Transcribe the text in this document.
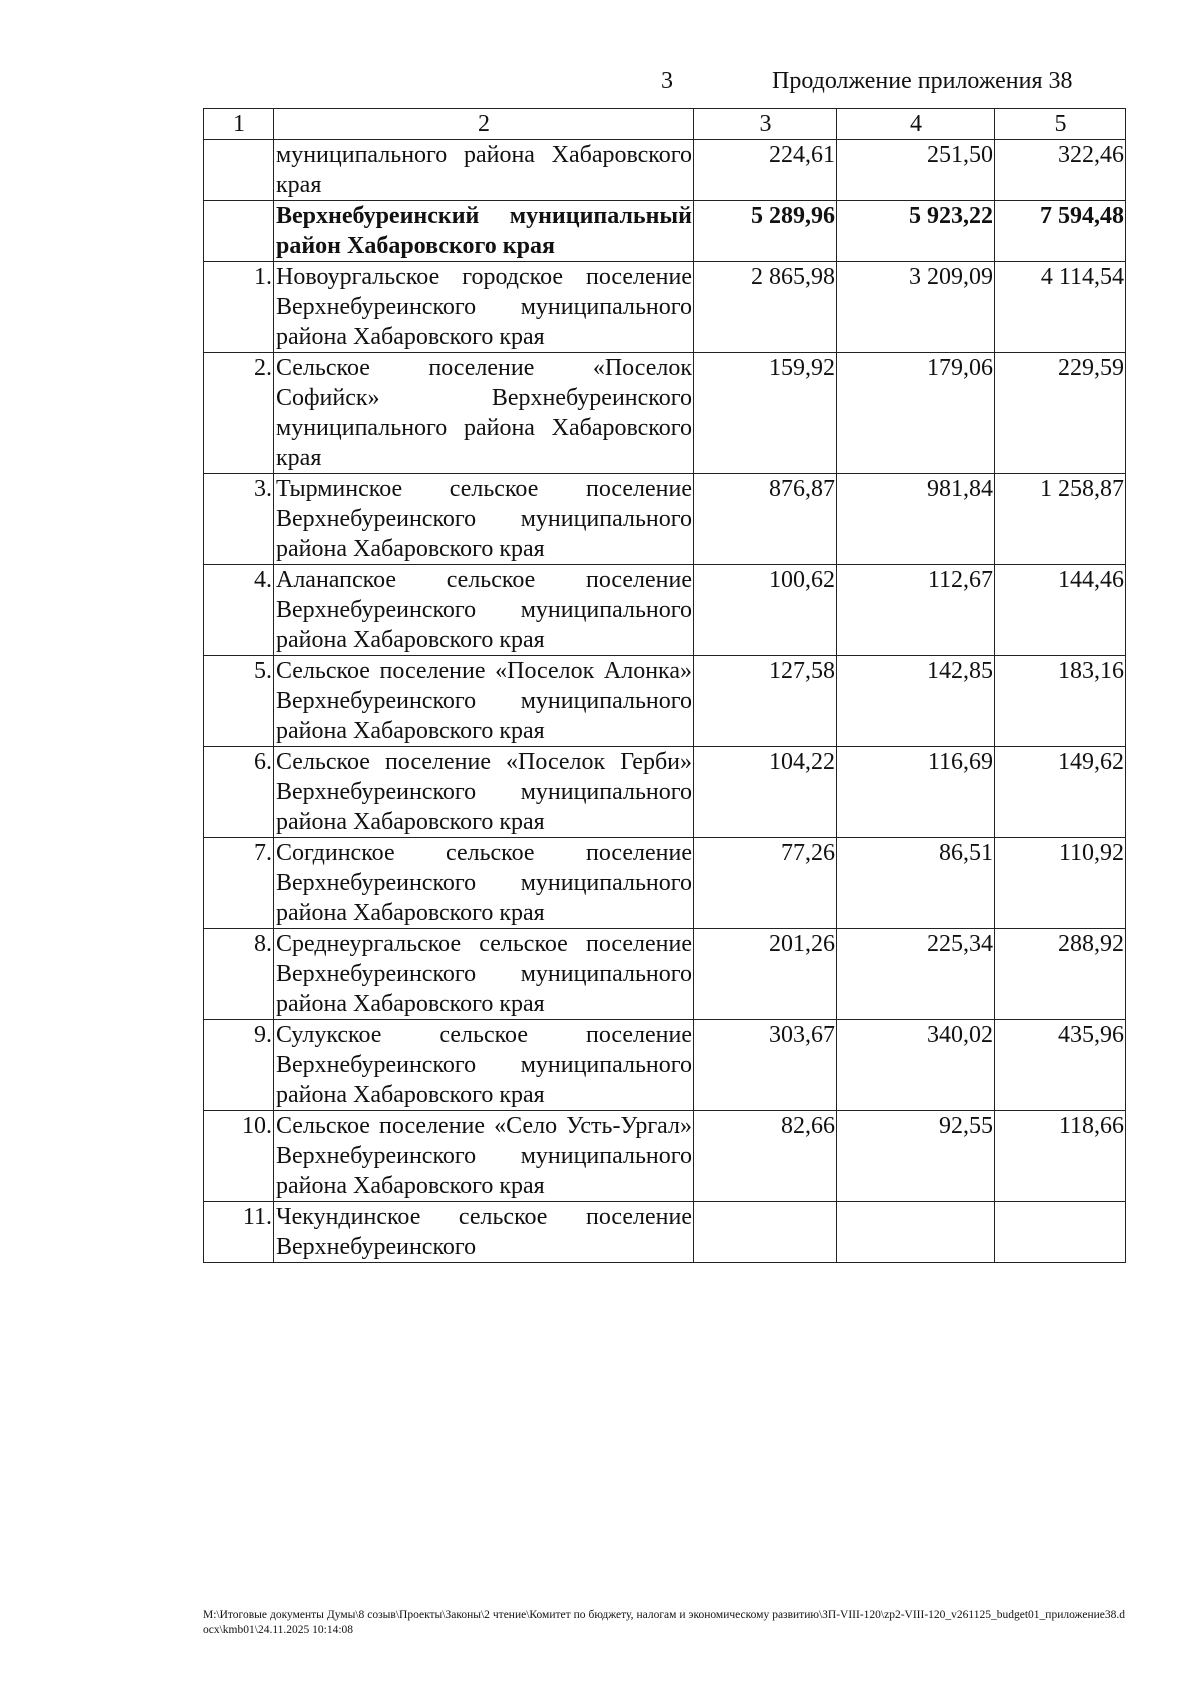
3	Продолжение приложения 38
1	2	3	4	5
	муниципального района Хабаровского края	224,61	251,50	322,46
	Верхнебуреинский муниципальный район Хабаровского края	5 289,96	5 923,22	7 594,48
1.	Новоургальское городское поселение Верхнебуреинского муниципального района Хабаровского края	2 865,98	3 209,09	4 114,54
2.	Сельское поселение «Поселок Софийск» Верхнебуреинского муниципального района Хабаровского края	159,92	179,06	229,59
3.	Тырминское сельское поселение Верхнебуреинского муниципального района Хабаровского края	876,87	981,84	1 258,87
4.	Аланапское сельское поселение Верхнебуреинского муниципального района Хабаровского края	100,62	112,67	144,46
5.	Сельское поселение «Поселок Алонка» Верхнебуреинского муниципального района Хабаровского края	127,58	142,85	183,16
6.	Сельское поселение «Поселок Герби» Верхнебуреинского муниципального района Хабаровского края	104,22	116,69	149,62
7.	Согдинское сельское поселение Верхнебуреинского муниципального района Хабаровского края	77,26	86,51	110,92
8.	Среднеургальское сельское поселение Верхнебуреинского муниципального района Хабаровского края	201,26	225,34	288,92
9.	Сулукское сельское поселение Верхнебуреинского муниципального района Хабаровского края	303,67	340,02	435,96
10.	Сельское поселение «Село Усть-Ургал» Верхнебуреинского муниципального района Хабаровского края	82,66	92,55	118,66
11.	Чекундинское сельское поселение Верхнебуреинского			
M:\Итоговые документы Думы\8 созыв\Проекты\Законы\2 чтение\Комитет по бюджету, налогам и экономическому развитию\ЗП-VIII-120\zp2-VIII-120_v261125_budget01_приложение38.docx\kmb01\24.11.2025 10:14:08
